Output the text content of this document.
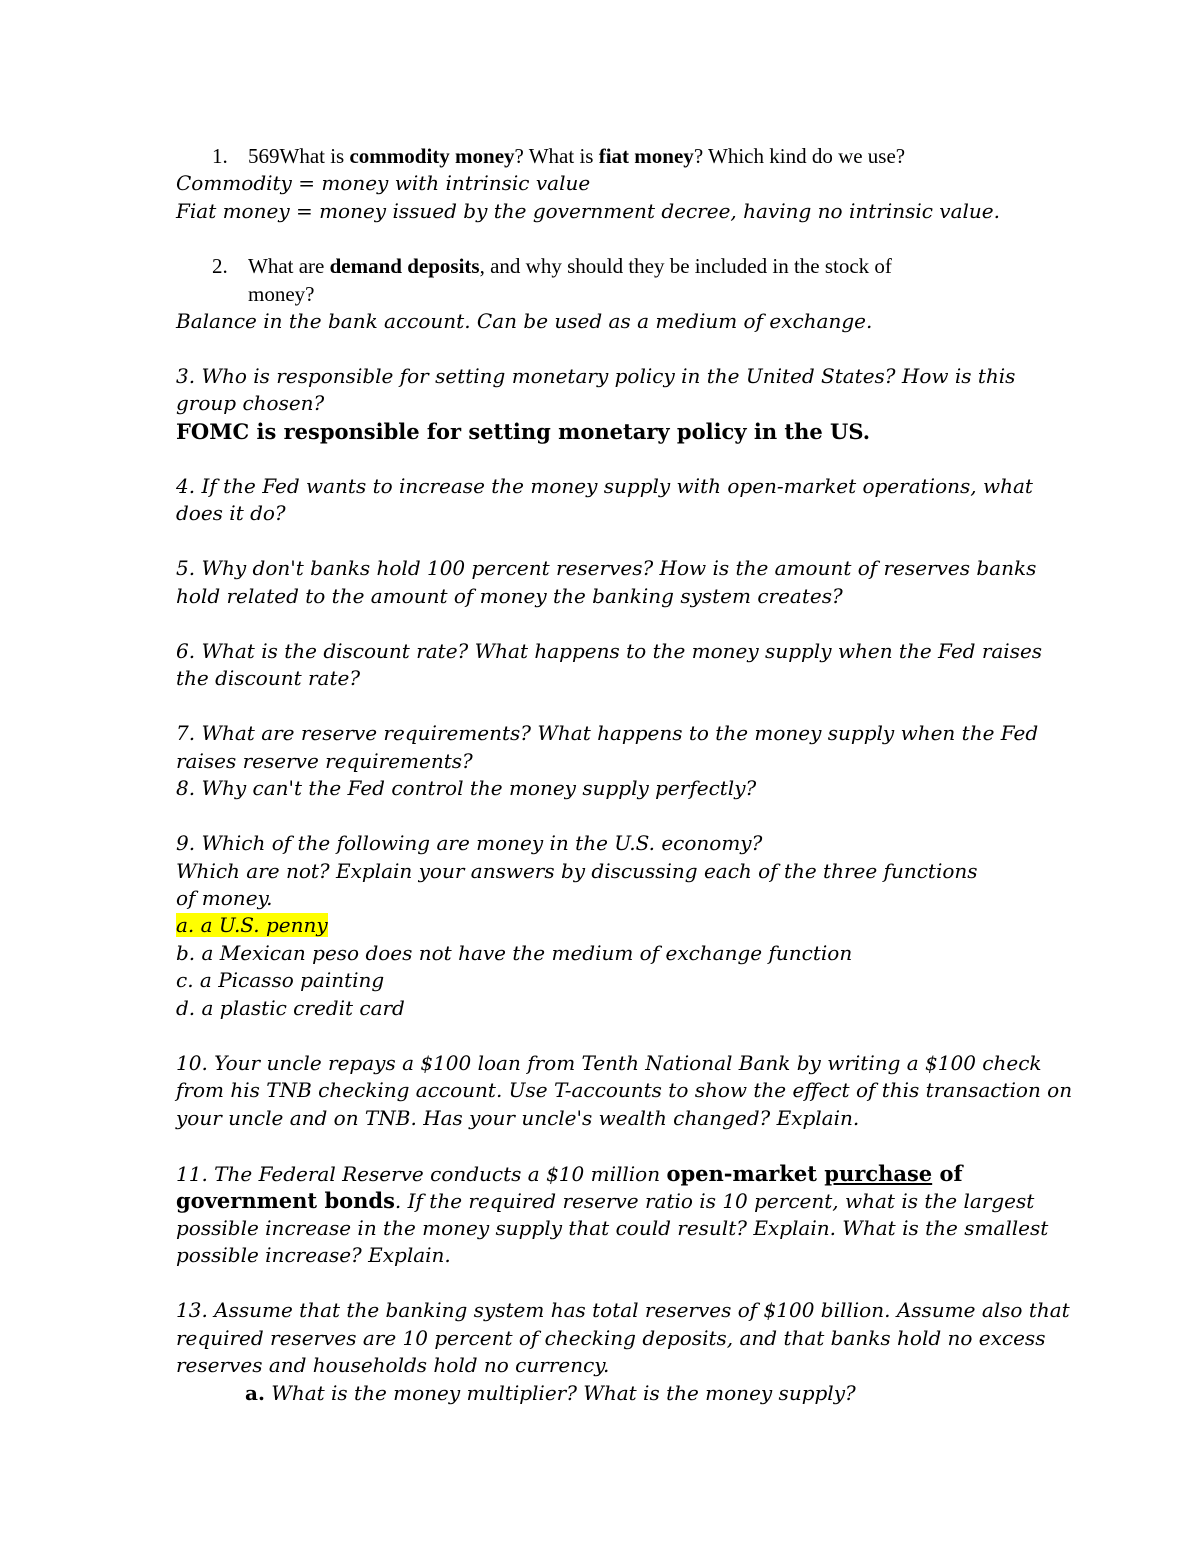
1. 569What is commodity money? What is fiat money? Which kind do we use?
Commodity = money with intrinsic value
Fiat money = money issued by the government decree, having no intrinsic value.
2. What are demand deposits, and why should they be included in the stock of
money?
Balance in the bank account. Can be used as a medium of exchange.
3. Who is responsible for setting monetary policy in the United States? How is this
group chosen?
FOMC is responsible for setting monetary policy in the US.
4. If the Fed wants to increase the money supply with open-market operations, what
does it do?
5. Why don't banks hold 100 percent reserves? How is the amount of reserves banks
hold related to the amount of money the banking system creates?
6. What is the discount rate? What happens to the money supply when the Fed raises
the discount rate?
7. What are reserve requirements? What happens to the money supply when the Fed
raises reserve requirements?
8. Why can't the Fed control the money supply perfectly?
9. Which of the following are money in the U.S. economy?
Which are not? Explain your answers by discussing each of the three functions
of money.
a. a U.S. penny
b. a Mexican peso does not have the medium of exchange function
c. a Picasso painting
d. a plastic credit card
10. Your uncle repays a $100 loan from Tenth National Bank by writing a $100 check
from his TNB checking account. Use T-accounts to show the effect of this transaction on
your uncle and on TNB. Has your uncle's wealth changed? Explain.
11. The Federal Reserve conducts a $10 million open-market purchase of
government bonds. If the required reserve ratio is 10 percent, what is the largest
possible increase in the money supply that could result? Explain. What is the smallest
possible increase? Explain.
13. Assume that the banking system has total reserves of $100 billion. Assume also that
required reserves are 10 percent of checking deposits, and that banks hold no excess
reserves and households hold no currency.
a. What is the money multiplier? What is the money supply?
